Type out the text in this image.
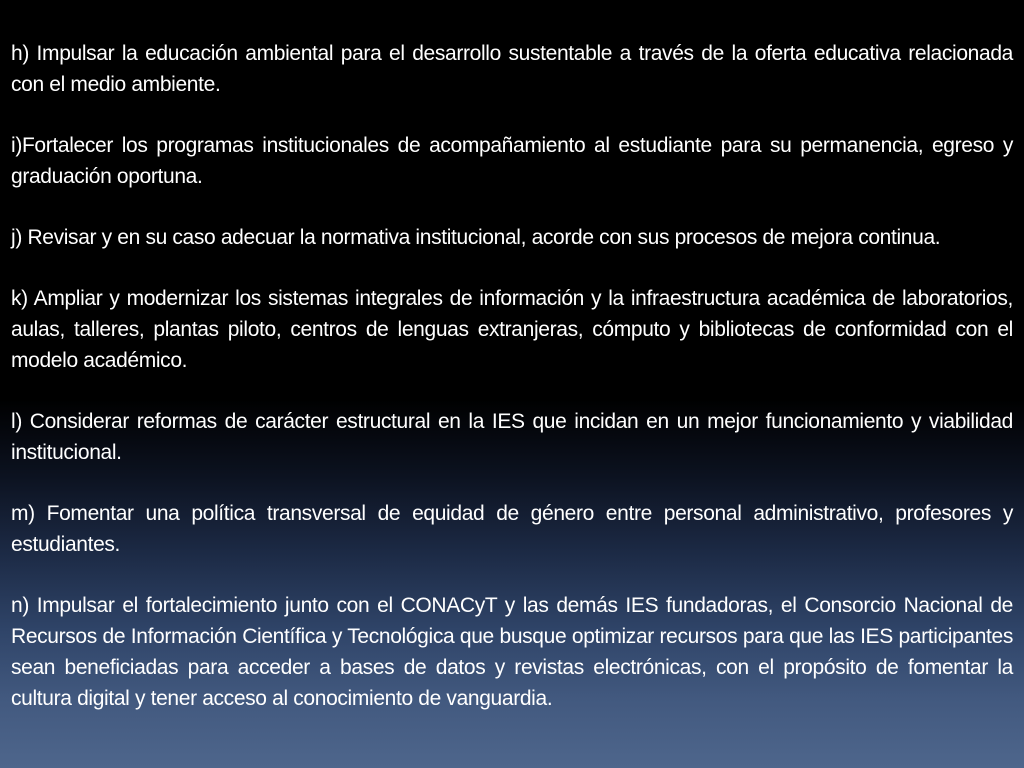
h) Impulsar la educación ambiental para el desarrollo sustentable a través de la oferta educativa relacionada con el medio ambiente.

i)Fortalecer los programas institucionales de acompañamiento al estudiante para su permanencia, egreso y graduación oportuna.

j) Revisar y en su caso adecuar la normativa institucional, acorde con sus procesos de mejora continua.

k) Ampliar y modernizar los sistemas integrales de información y la infraestructura académica de laboratorios, aulas, talleres, plantas piloto, centros de lenguas extranjeras, cómputo y bibliotecas de conformidad con el modelo académico.

l) Considerar reformas de carácter estructural en la IES que incidan en un mejor funcionamiento y viabilidad institucional.

m) Fomentar una política transversal de equidad de género entre personal administrativo, profesores y estudiantes.

n) Impulsar el fortalecimiento junto con el CONACyT y las demás IES fundadoras, el Consorcio Nacional de Recursos de Información Científica y Tecnológica que busque optimizar recursos para que las IES participantes sean beneficiadas para acceder a bases de datos y revistas electrónicas, con el propósito de fomentar la cultura digital y tener acceso al conocimiento de vanguardia.
